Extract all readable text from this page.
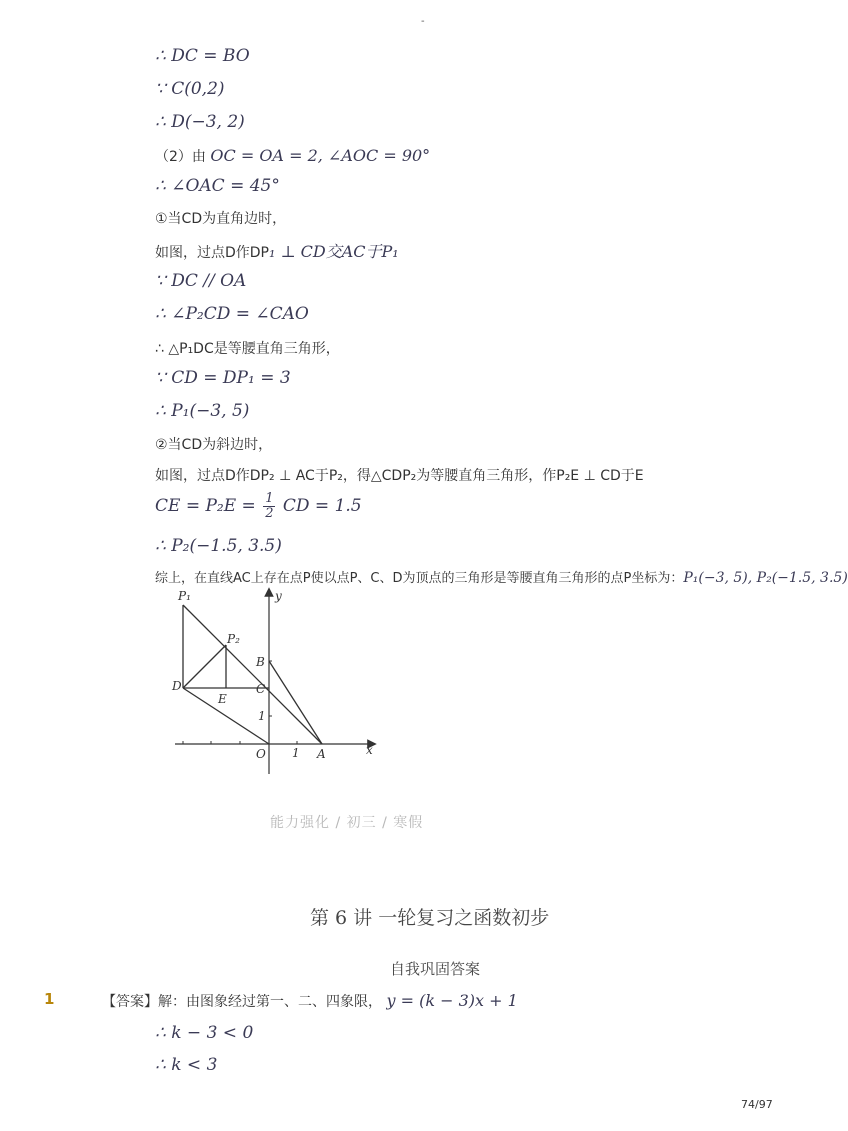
-
∴ DC = BO
∵ C(0,2)
∴ D(−3, 2)
（2）由 OC = OA = 2, ∠AOC = 90°
∴ ∠OAC = 45°
①当CD为直角边时，
如图，过点D作DP₁ ⊥ CD交AC于P₁
∵ DC // OA
∴ ∠P₂CD = ∠CAO
∴ △P₁DC是等腰直角三角形，
∵ CD = DP₁ = 3
∴ P₁(−3, 5)
②当CD为斜边时，
如图，过点D作DP₂ ⊥ AC于P₂，得△CDP₂为等腰直角三角形，作P₂E ⊥ CD于E
CE = $P_2E = \frac{1}{2}$ CD = 1.5
∴ P₂(−1.5, 3.5)
综上，在直线AC上存在点P使以点P、C、D为顶点的三角形是等腰直角三角形的点P坐标为：P₁(−3, 5), P₂(−1.5, 3.5)
P₁
P₂
B
C
D
E
O	A	x
y
1
1
能力强化 / 初三 / 寒假
第 6 讲 一轮复习之函数初步
自我巩固答案
1	【答案】解：由图象经过第一、二、四象限， y = (k − 3)x + 1
∴ k − 3 < 0
∴ k < 3
74/97
